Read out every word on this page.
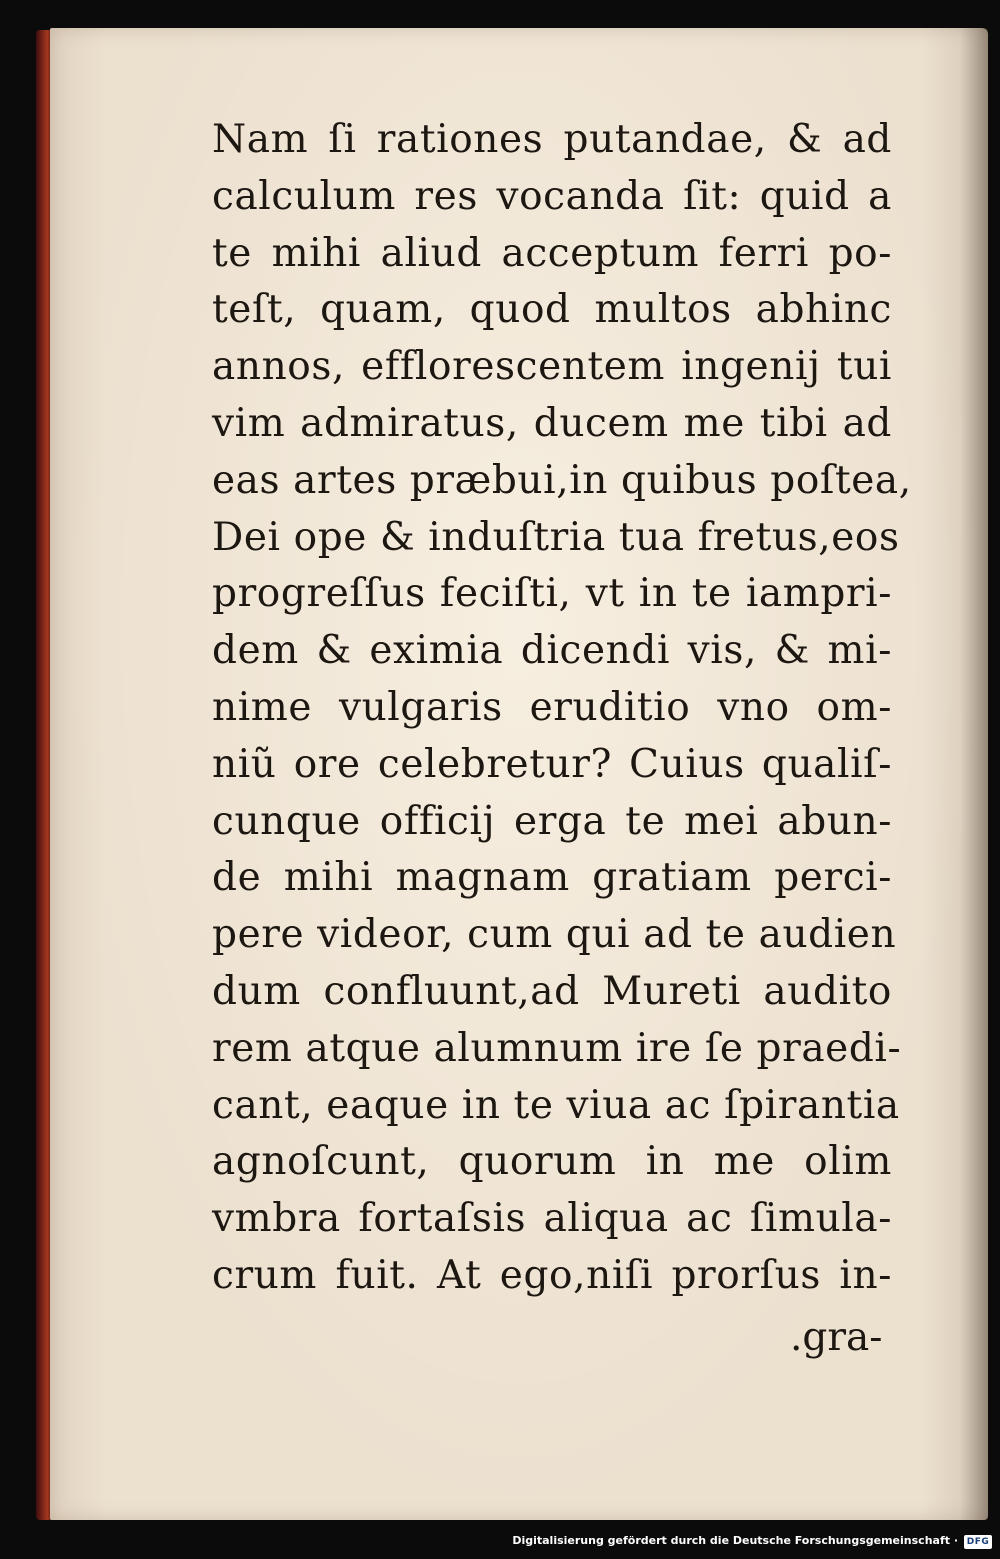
Nam ſi rationes putandae, & ad
calculum res vocanda ſit: quid a
te mihi aliud acceptum ferri po-
teſt, quam, quod multos abhinc
annos, efflorescentem ingenij tui
vim admiratus, ducem me tibi ad
eas artes præbui,in quibus poſtea,
Dei ope & induſtria tua fretus,eos
progreſſus feciſti, vt in te iampri-
dem & eximia dicendi vis, & mi-
nime vulgaris eruditio vno om-
niũ ore celebretur? Cuius qualiſ-
cunque officij erga te mei abun-
de mihi magnam gratiam perci-
pere videor, cum qui ad te audien
dum confluunt,ad Mureti audito
rem atque alumnum ire ſe praedi-
cant, eaque in te viua ac ſpirantia
agnoſcunt, quorum in me olim
vmbra fortaſsis aliqua ac ſimula-
crum fuit. At ego,niſi prorſus in-
.gra-
Digitalisierung gefördert durch die Deutsche Forschungsgemeinschaft · DFG
